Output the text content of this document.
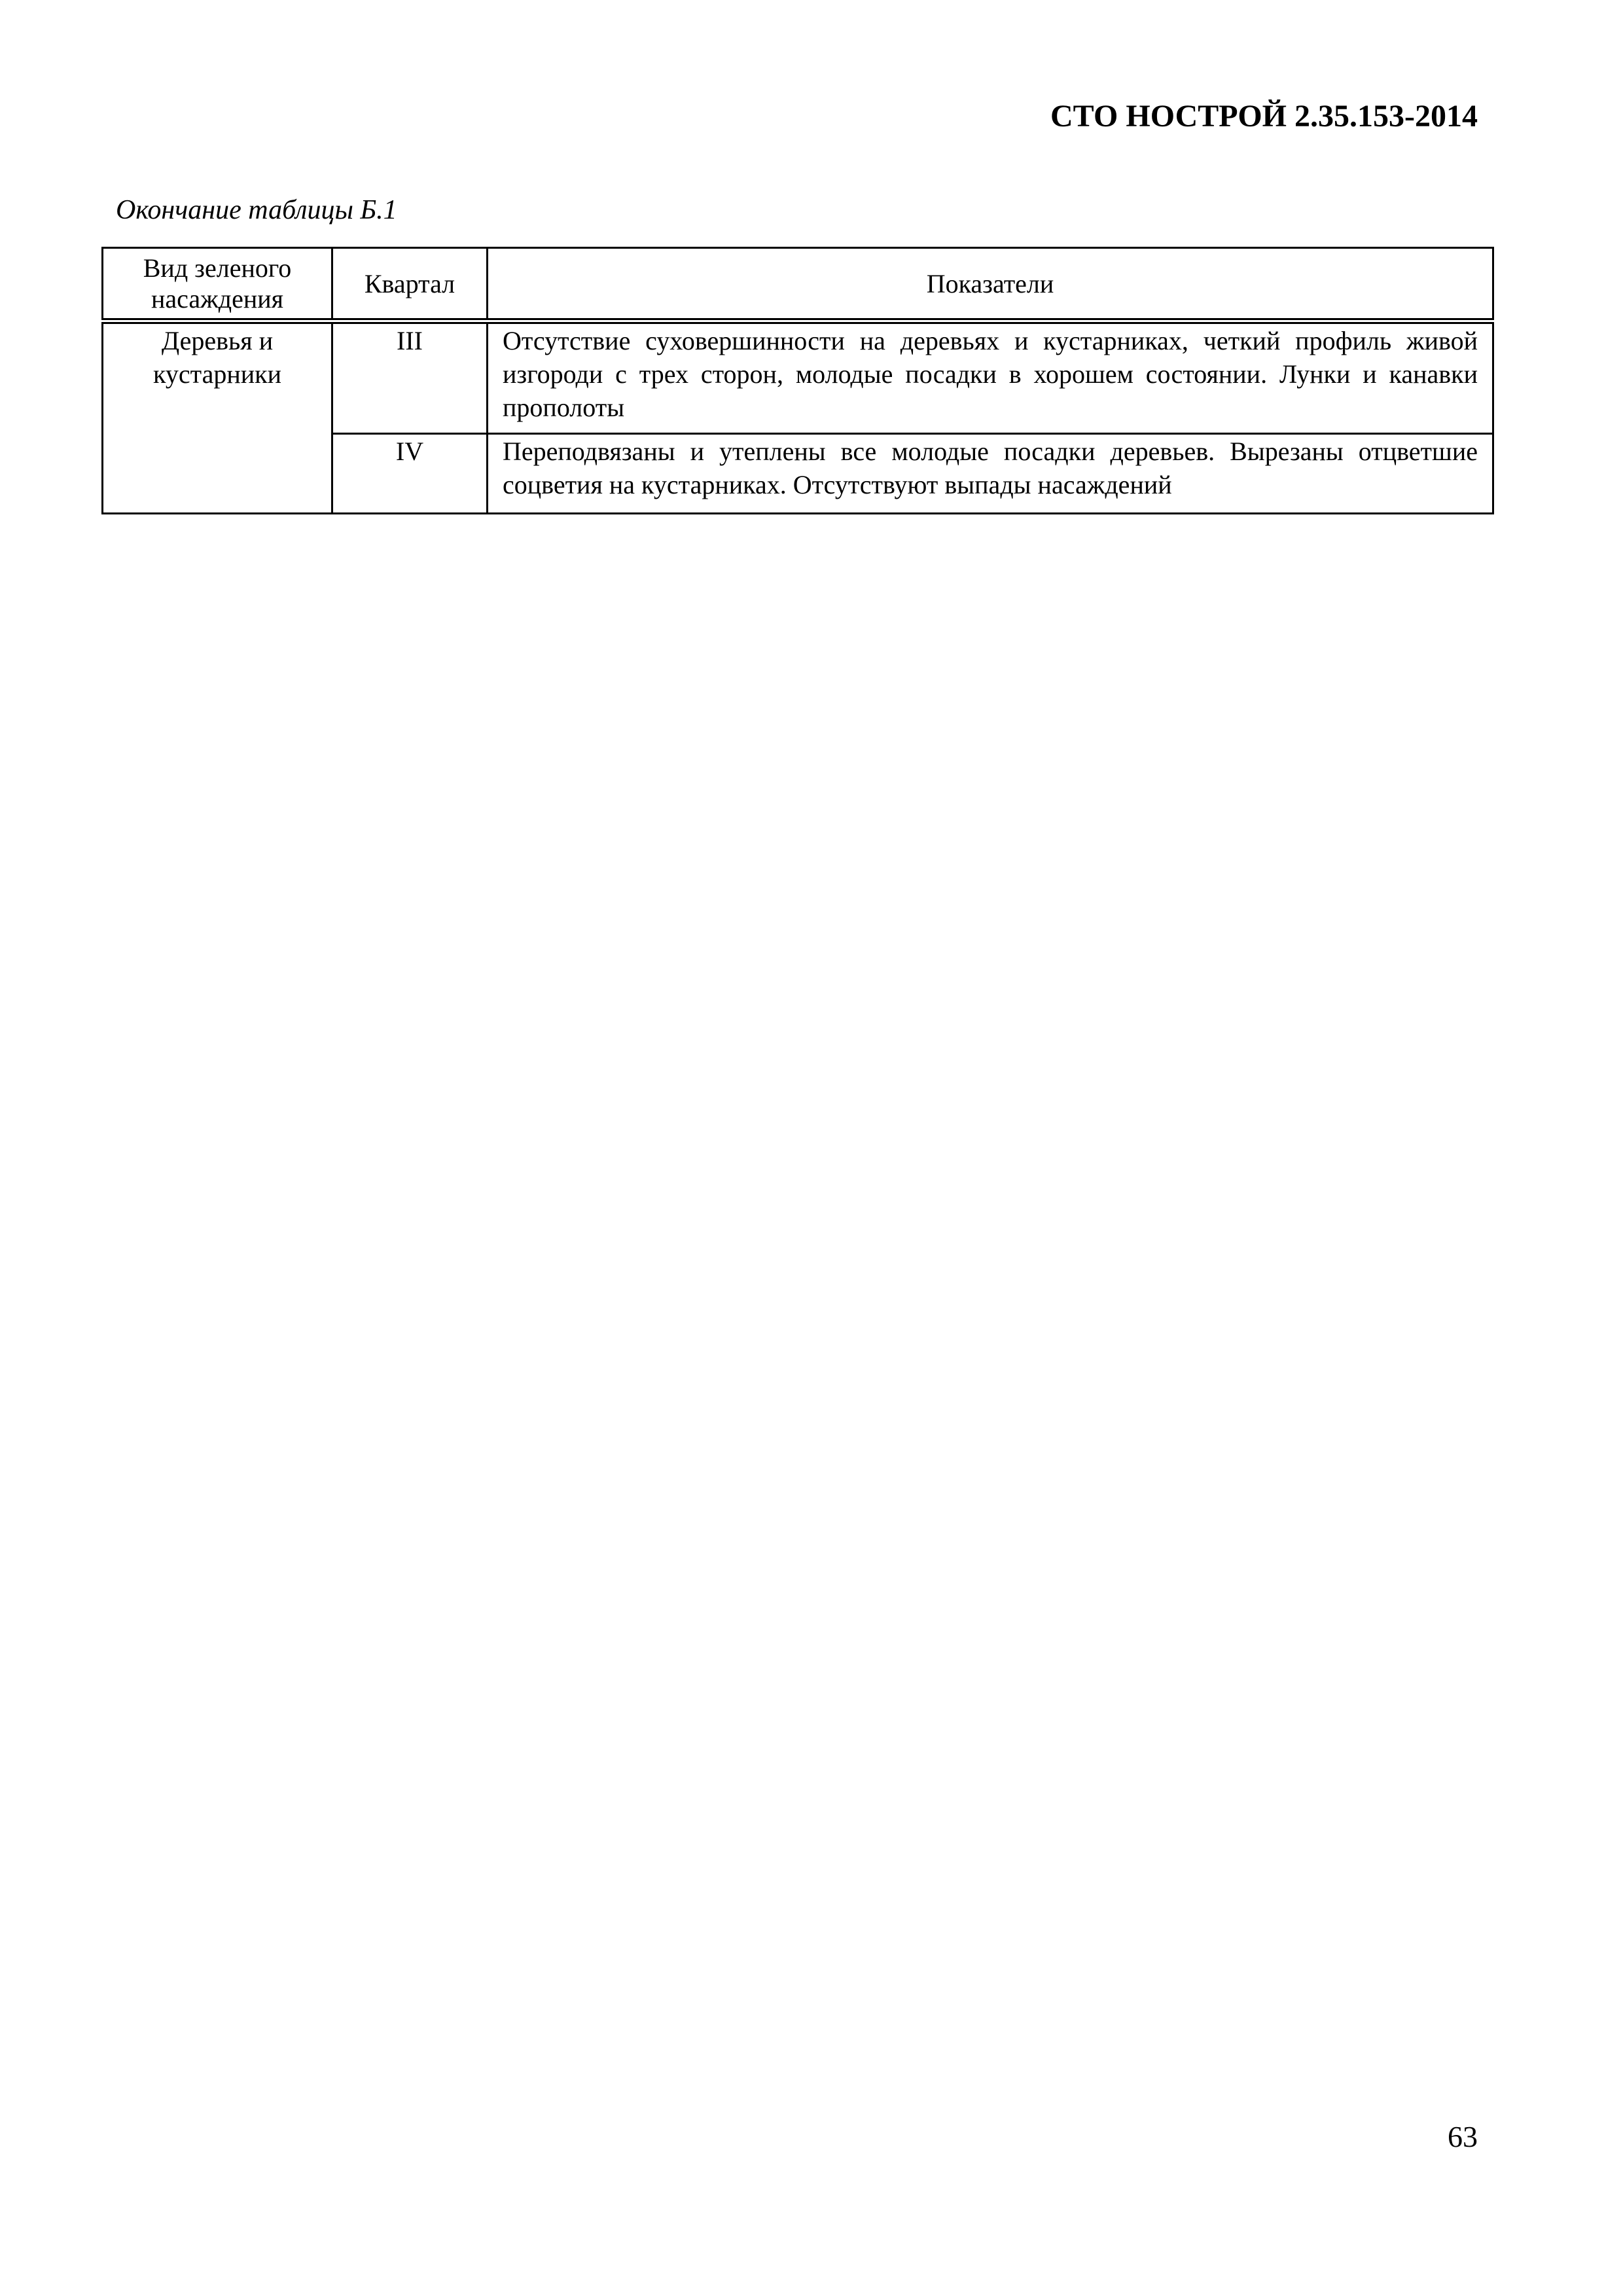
СТО НОСТРОЙ 2.35.153-2014
Окончание таблицы Б.1
Вид зеленого насаждения	Квартал	Показатели
Деревья и кустарники	III	Отсутствие суховершинности на деревьях и кустарниках, четкий профиль живой изгороди с трех сторон, молодые посадки в хорошем состоянии. Лунки и канавки прополоты
	IV	Переподвязаны и утеплены все молодые посадки деревьев. Вырезаны отцветшие соцветия на кустарниках. Отсутствуют выпады насаждений
63
